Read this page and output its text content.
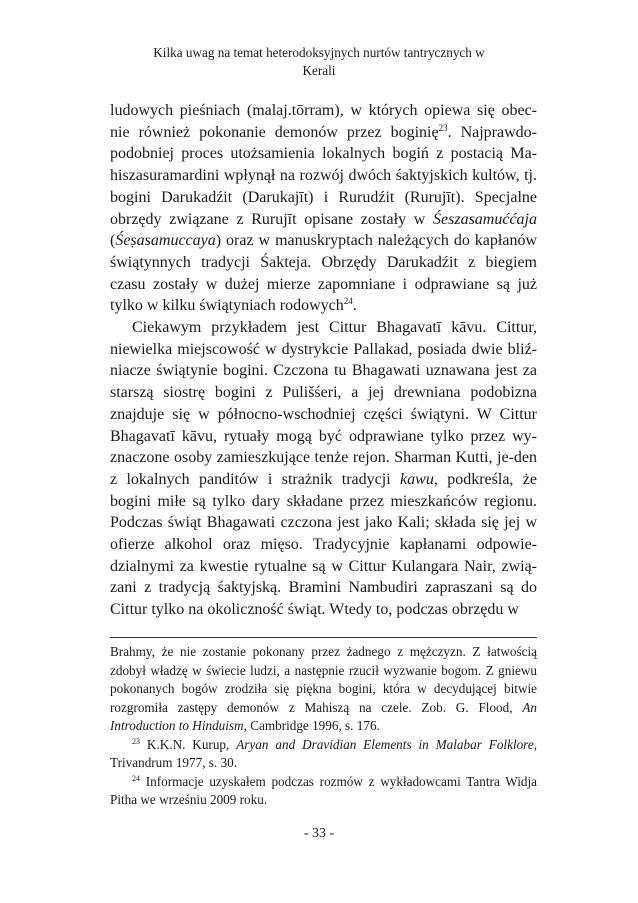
Kilka uwag na temat heterodoksyjnych nurtów tantrycznych w
Kerali

ludowych pieśniach (malaj.tōrram), w których opiewa się obec-nie również pokonanie demonów przez boginię$^{23}$. Najprawdo-podobniej proces utożsamienia lokalnych bogiń z postacią Ma-hiszasuramardini wpłynął na rozwój dwóch śaktyjskich kultów, tj. bogini Darukadźit (Darukajīt) i Rurudźit (Rurujīt). Specjalne obrzędy związane z Rurujīt opisane zostały w Śeszasamuććaja (Śeṣasamuccaya) oraz w manuskryptach należących do kapłanów świątynnych tradycji Śakteja. Obrzędy Darukadźit z biegiem czasu zostały w dużej mierze zapomniane i odprawiane są już tylko w kilku świątyniach rodowych$^{24}$.

Ciekawym przykładem jest Cittur Bhagavatī kāvu. Cittur, niewielka miejscowość w dystrykcie Pallakad, posiada dwie bliź-niacze świątynie bogini. Czczona tu Bhagawati uznawana jest za starszą siostrę bogini z Pulišśeri, a jej drewniana podobizna znajduje się w północno-wschodniej części świątyni. W Cittur Bhagavatī kāvu, rytuały mogą być odprawiane tylko przez wy-znaczone osoby zamieszkujące tenże rejon. Sharman Kutti, je-den z lokalnych panditów i strażnik tradycji kawu, podkreśla, że bogini miłe są tylko dary składane przez mieszkańców regionu. Podczas świąt Bhagawati czczona jest jako Kali; składa się jej w ofierze alkohol oraz mięso. Tradycyjnie kapłanami odpowie-dzialnymi za kwestie rytualne są w Cittur Kulangara Nair, zwią-zani z tradycją śaktyjską. Bramini Nambudiri zapraszani są do Cittur tylko na okoliczność świąt. Wtedy to, podczas obrzędu w

Brahmy, że nie zostanie pokonany przez żadnego z mężczyzn. Z łatwością zdobył władzę w świecie ludzi, a następnie rzucił wyzwanie bogom. Z gniewu pokonanych bogów zrodziła się piękna bogini, która w decydującej bitwie rozgromiła zastępy demonów z Mahiszą na czele. Zob. G. Flood, An Introduction to Hinduism, Cambridge 1996, s. 176.

$^{23}$ K.K.N. Kurup, Aryan and Dravidian Elements in Malabar Folklore, Trivandrum 1977, s. 30.

$^{24}$ Informacje uzyskałem podczas rozmów z wykładowcami Tantra Widja Pitha we wrześniu 2009 roku.

- 33 -
